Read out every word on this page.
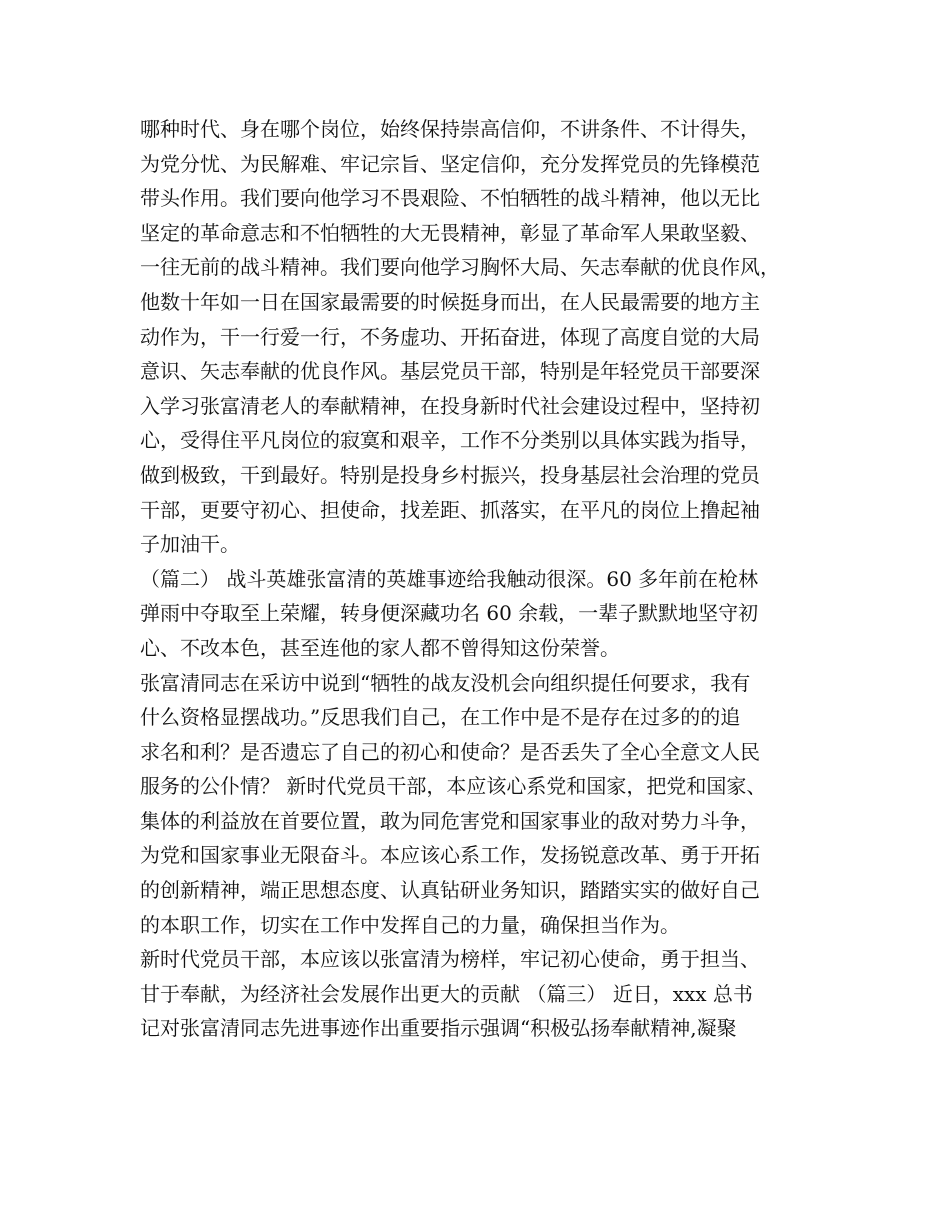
哪种时代、身在哪个岗位，始终保持崇高信仰，不讲条件、不计得失，
为党分忧、为民解难、牢记宗旨、坚定信仰，充分发挥党员的先锋模范
带头作用。我们要向他学习不畏艰险、不怕牺牲的战斗精神，他以无比
坚定的革命意志和不怕牺牲的大无畏精神，彰显了革命军人果敢坚毅、
一往无前的战斗精神。我们要向他学习胸怀大局、矢志奉献的优良作风，
他数十年如一日在国家最需要的时候挺身而出，在人民最需要的地方主
动作为，干一行爱一行，不务虚功、开拓奋进，体现了高度自觉的大局
意识、矢志奉献的优良作风。基层党员干部，特别是年轻党员干部要深
入学习张富清老人的奉献精神，在投身新时代社会建设过程中，坚持初
心，受得住平凡岗位的寂寞和艰辛，工作不分类别以具体实践为指导，
做到极致，干到最好。特别是投身乡村振兴，投身基层社会治理的党员
干部，更要守初心、担使命，找差距、抓落实，在平凡的岗位上撸起袖
子加油干。
（篇二） 战斗英雄张富清的英雄事迹给我触动很深。60 多年前在枪林
弹雨中夺取至上荣耀，转身便深藏功名 60 余载，一辈子默默地坚守初
心、不改本色，甚至连他的家人都不曾得知这份荣誉。
张富清同志在采访中说到“牺牲的战友没机会向组织提任何要求，我有
什么资格显摆战功。”反思我们自己，在工作中是不是存在过多的的追
求名和利？是否遗忘了自己的初心和使命？是否丢失了全心全意文人民
服务的公仆情？ 新时代党员干部，本应该心系党和国家，把党和国家、
集体的利益放在首要位置，敢为同危害党和国家事业的敌对势力斗争，
为党和国家事业无限奋斗。本应该心系工作，发扬锐意改革、勇于开拓
的创新精神，端正思想态度、认真钻研业务知识，踏踏实实的做好自己
的本职工作，切实在工作中发挥自己的力量，确保担当作为。
新时代党员干部，本应该以张富清为榜样，牢记初心使命，勇于担当、
甘于奉献，为经济社会发展作出更大的贡献 （篇三） 近日，xxx 总书
记对张富清同志先进事迹作出重要指示强调“积极弘扬奉献精神,凝聚
